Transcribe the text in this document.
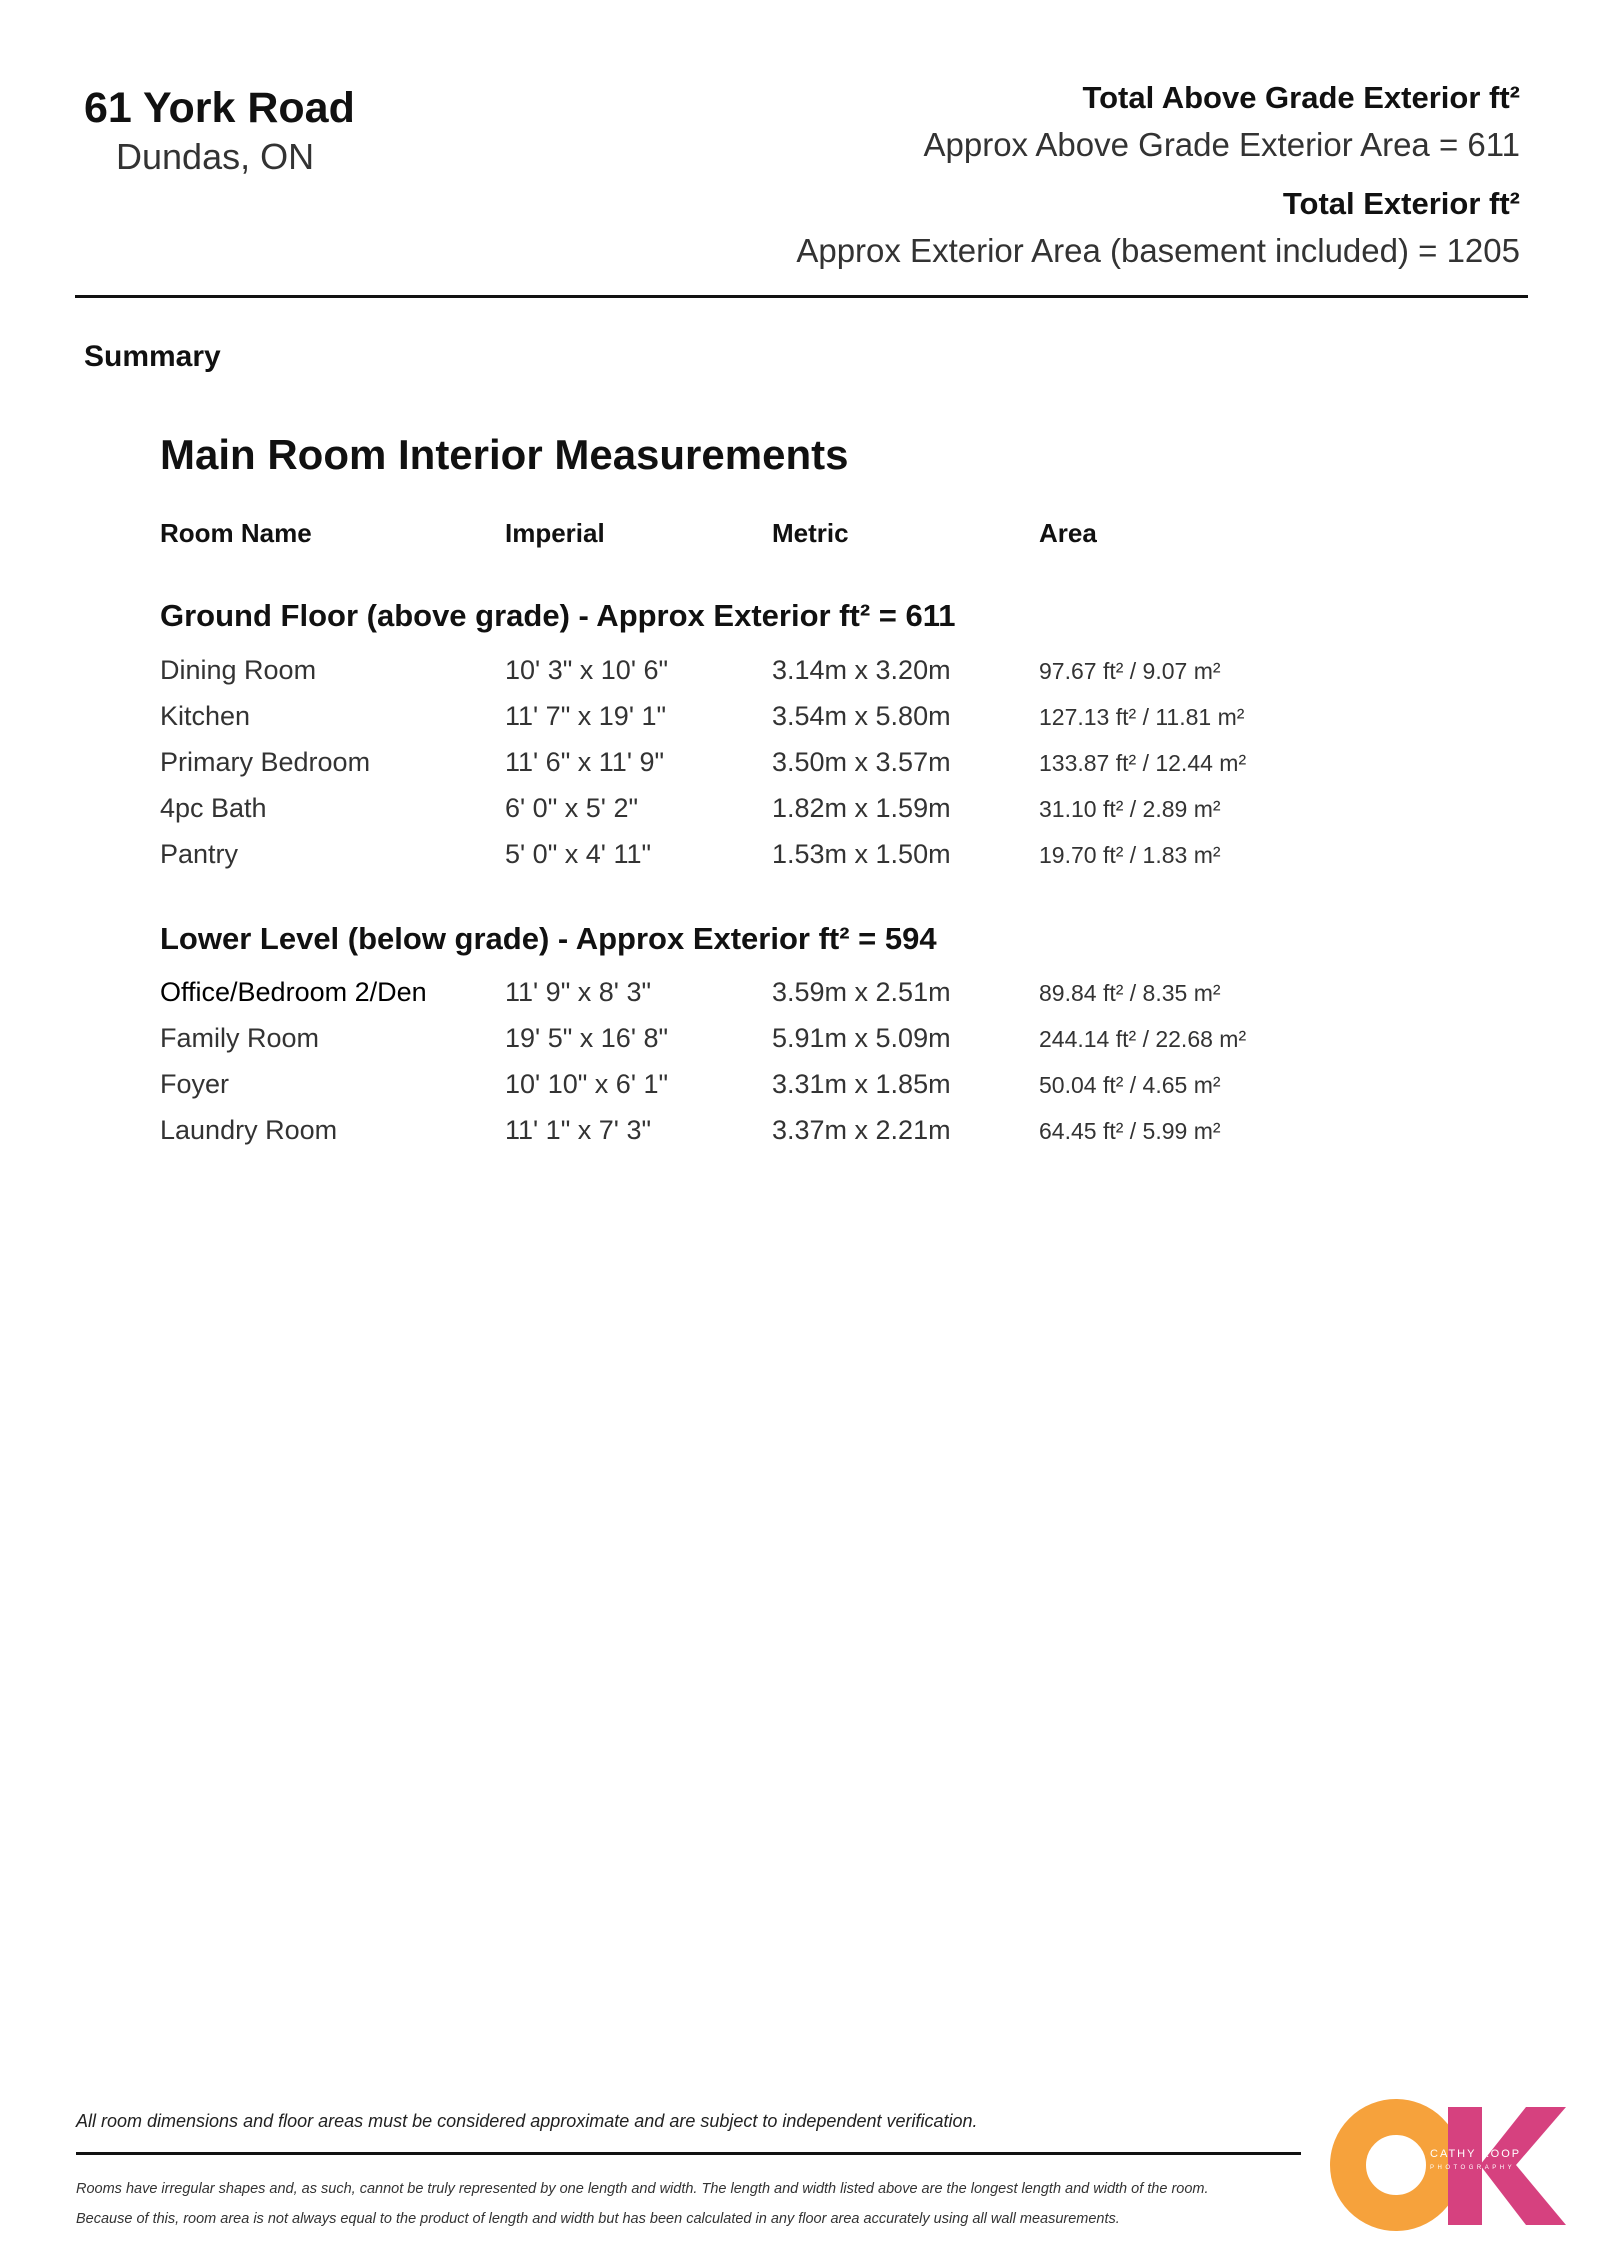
61 York Road
Dundas, ON
Total Above Grade Exterior ft²
Approx Above Grade Exterior Area = 611
Total Exterior ft²
Approx Exterior Area (basement included) = 1205
Summary
Main Room Interior Measurements
Room Name	Imperial	Metric	Area
Ground Floor (above grade) - Approx Exterior ft² = 611
Dining Room	10' 3" x 10' 6"	3.14m x 3.20m	97.67 ft² / 9.07 m²
Kitchen	11' 7" x 19' 1"	3.54m x 5.80m	127.13 ft² / 11.81 m²
Primary Bedroom	11' 6" x 11' 9"	3.50m x 3.57m	133.87 ft² / 12.44 m²
4pc Bath	6' 0" x 5' 2"	1.82m x 1.59m	31.10 ft² / 2.89 m²
Pantry	5' 0" x 4' 11"	1.53m x 1.50m	19.70 ft² / 1.83 m²
Lower Level (below grade) - Approx Exterior ft² = 594
Office/Bedroom 2/Den	11' 9" x 8' 3"	3.59m x 2.51m	89.84 ft² / 8.35 m²
Family Room	19' 5" x 16' 8"	5.91m x 5.09m	244.14 ft² / 22.68 m²
Foyer	10' 10" x 6' 1"	3.31m x 1.85m	50.04 ft² / 4.65 m²
Laundry Room	11' 1" x 7' 3"	3.37m x 2.21m	64.45 ft² / 5.99 m²
All room dimensions and floor areas must be considered approximate and are subject to independent verification.
Rooms have irregular shapes and, as such, cannot be truly represented by one length and width. The length and width listed above are the longest length and width of the room.
Because of this, room area is not always equal to the product of length and width but has been calculated in any floor area accurately using all wall measurements.
CATHY KOOP
PHOTOGRAPHY
